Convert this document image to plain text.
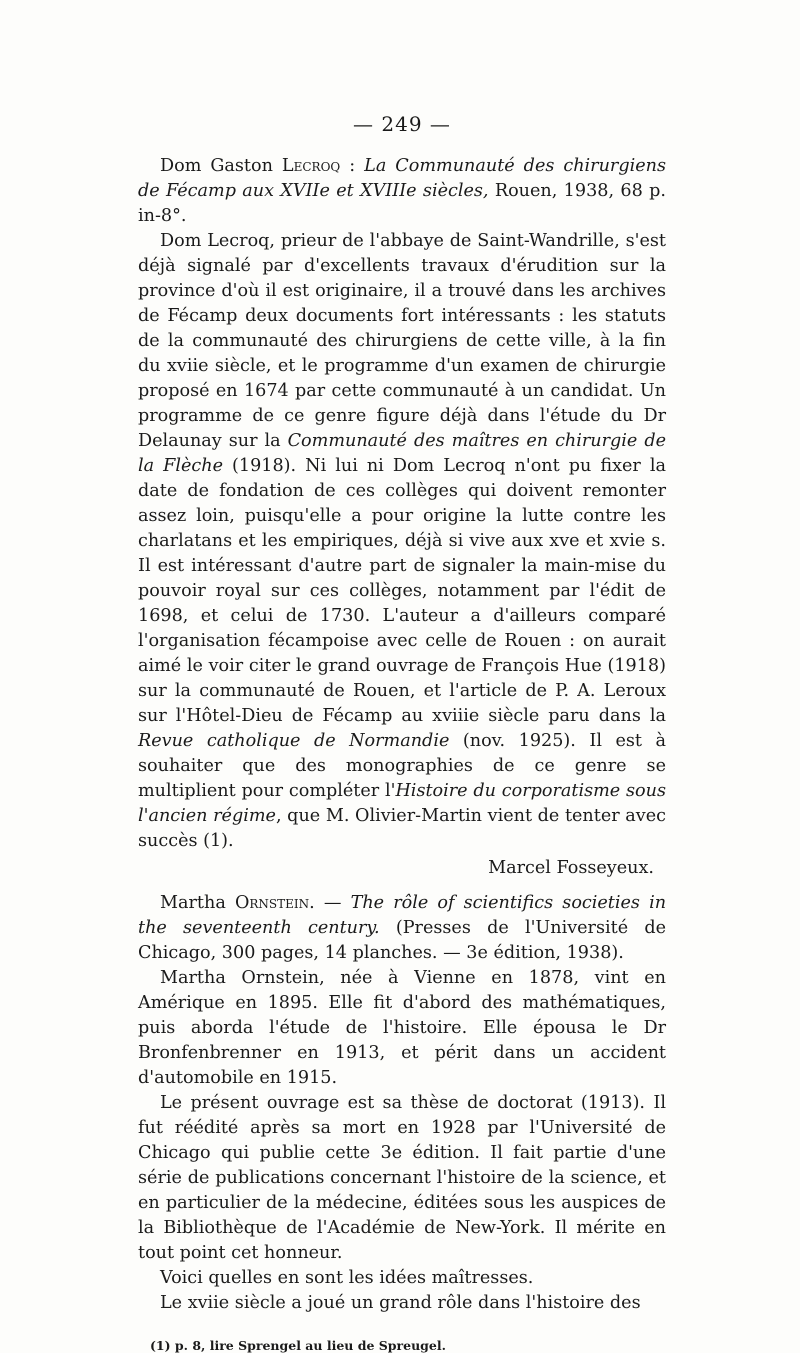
— 249 —

Dom Gaston Lecroq : La Communauté des chirurgiens de Fécamp aux XVIIe et XVIIIe siècles, Rouen, 1938, 68 p. in-8°.

Dom Lecroq, prieur de l'abbaye de Saint-Wandrille, s'est déjà signalé par d'excellents travaux d'érudition sur la province d'où il est originaire, il a trouvé dans les archives de Fécamp deux documents fort intéressants : les statuts de la communauté des chirurgiens de cette ville, à la fin du xviie siècle, et le programme d'un examen de chirurgie proposé en 1674 par cette communauté à un candidat. Un programme de ce genre figure déjà dans l'étude du Dr Delaunay sur la Communauté des maîtres en chirurgie de la Flèche (1918). Ni lui ni Dom Lecroq n'ont pu fixer la date de fondation de ces collèges qui doivent remonter assez loin, puisqu'elle a pour origine la lutte contre les charlatans et les empiriques, déjà si vive aux xve et xvie s. Il est intéressant d'autre part de signaler la main-mise du pouvoir royal sur ces collèges, notamment par l'édit de 1698, et celui de 1730. L'auteur a d'ailleurs comparé l'organisation fécampoise avec celle de Rouen : on aurait aimé le voir citer le grand ouvrage de François Hue (1918) sur la communauté de Rouen, et l'article de P. A. Leroux sur l'Hôtel-Dieu de Fécamp au xviiie siècle paru dans la Revue catholique de Normandie (nov. 1925). Il est à souhaiter que des monographies de ce genre se multiplient pour compléter l'Histoire du corporatisme sous l'ancien régime, que M. Olivier-Martin vient de tenter avec succès (1).

Marcel Fosseyeux.

Martha Ornstein. — The rôle of scientifics societies in the seventeenth century. (Presses de l'Université de Chicago, 300 pages, 14 planches. — 3e édition, 1938).

Martha Ornstein, née à Vienne en 1878, vint en Amérique en 1895. Elle fit d'abord des mathématiques, puis aborda l'étude de l'histoire. Elle épousa le Dr Bronfenbrenner en 1913, et périt dans un accident d'automobile en 1915.

Le présent ouvrage est sa thèse de doctorat (1913). Il fut réédité après sa mort en 1928 par l'Université de Chicago qui publie cette 3e édition. Il fait partie d'une série de publications concernant l'histoire de la science, et en particulier de la médecine, éditées sous les auspices de la Bibliothèque de l'Académie de New-York. Il mérite en tout point cet honneur.

Voici quelles en sont les idées maîtresses.

Le xviie siècle a joué un grand rôle dans l'histoire des

(1) p. 8, lire Sprengel au lieu de Spreugel.
